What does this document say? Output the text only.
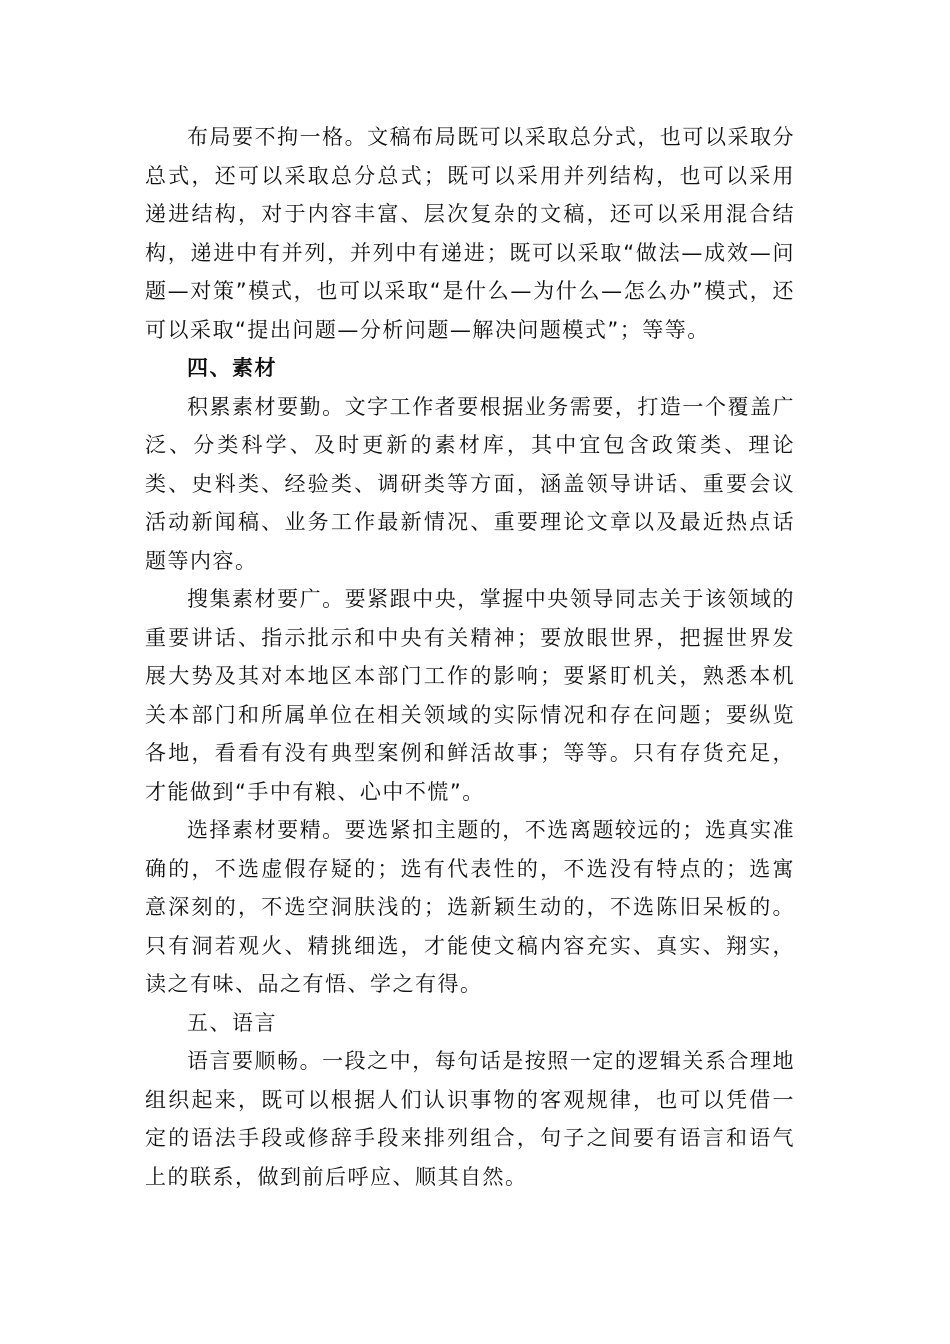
布局要不拘一格。文稿布局既可以采取总分式，也可以采取分总式，还可以采取总分总式；既可以采用并列结构，也可以采用递进结构，对于内容丰富、层次复杂的文稿，还可以采用混合结构，递进中有并列，并列中有递进；既可以采取“做法—成效—问题—对策”模式，也可以采取“是什么—为什么—怎么办”模式，还可以采取“提出问题—分析问题—解决问题模式”；等等。

四、素材

积累素材要勤。文字工作者要根据业务需要，打造一个覆盖广泛、分类科学、及时更新的素材库，其中宜包含政策类、理论类、史料类、经验类、调研类等方面，涵盖领导讲话、重要会议活动新闻稿、业务工作最新情况、重要理论文章以及最近热点话题等内容。

搜集素材要广。要紧跟中央，掌握中央领导同志关于该领域的重要讲话、指示批示和中央有关精神；要放眼世界，把握世界发展大势及其对本地区本部门工作的影响；要紧盯机关，熟悉本机关本部门和所属单位在相关领域的实际情况和存在问题；要纵览各地，看看有没有典型案例和鲜活故事；等等。只有存货充足，才能做到“手中有粮、心中不慌”。

选择素材要精。要选紧扣主题的，不选离题较远的；选真实准确的，不选虚假存疑的；选有代表性的，不选没有特点的；选寓意深刻的，不选空洞肤浅的；选新颖生动的，不选陈旧呆板的。只有洞若观火、精挑细选，才能使文稿内容充实、真实、翔实，读之有味、品之有悟、学之有得。

五、语言

语言要顺畅。一段之中，每句话是按照一定的逻辑关系合理地组织起来，既可以根据人们认识事物的客观规律，也可以凭借一定的语法手段或修辞手段来排列组合，句子之间要有语言和语气上的联系，做到前后呼应、顺其自然。
